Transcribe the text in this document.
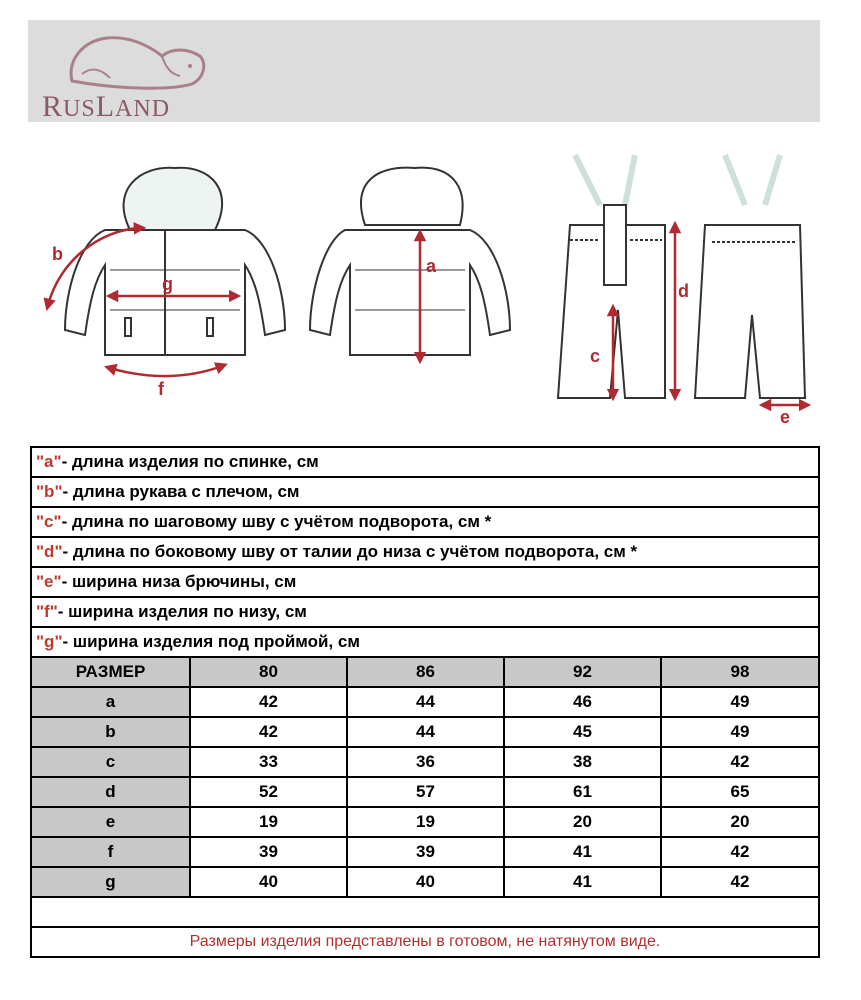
RUSLAND
b
g
f
a
c
d
e
"a" - длина изделия по спинке, см
"b" - длина рукава с плечом, см
"c" - длина по шаговому шву с учётом подворота, см *
"d" - длина по боковому шву от талии до низа с учётом подворота, см *
"e" - ширина низа брючины, см
"f" - ширина изделия по низу, см
"g" - ширина изделия под проймой, см
РАЗМЕР	80	86	92	98
a	42	44	46	49
b	42	44	45	49
c	33	36	38	42
d	52	57	61	65
e	19	19	20	20
f	39	39	41	42
g	40	40	41	42
Размеры изделия представлены в готовом, не натянутом виде.
